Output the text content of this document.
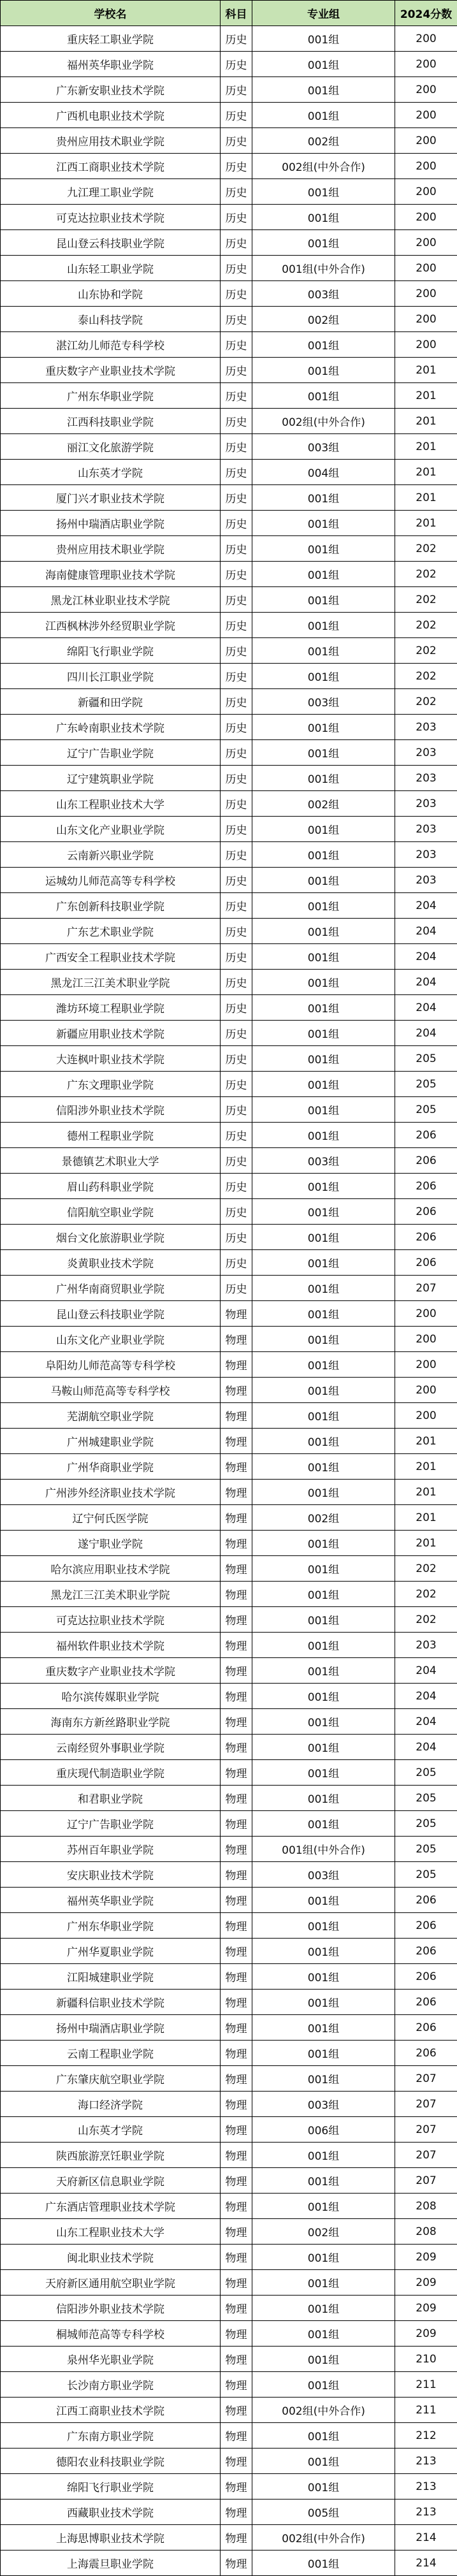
学校名	科目	专业组	2024分数
重庆轻工职业学院	历史	001组	200
福州英华职业学院	历史	001组	200
广东新安职业技术学院	历史	001组	200
广西机电职业技术学院	历史	001组	200
贵州应用技术职业学院	历史	002组	200
江西工商职业技术学院	历史	002组(中外合作)	200
九江理工职业学院	历史	001组	200
可克达拉职业技术学院	历史	001组	200
昆山登云科技职业学院	历史	001组	200
山东轻工职业学院	历史	001组(中外合作)	200
山东协和学院	历史	003组	200
泰山科技学院	历史	002组	200
湛江幼儿师范专科学校	历史	001组	200
重庆数字产业职业技术学院	历史	001组	201
广州东华职业学院	历史	001组	201
江西科技职业学院	历史	002组(中外合作)	201
丽江文化旅游学院	历史	003组	201
山东英才学院	历史	004组	201
厦门兴才职业技术学院	历史	001组	201
扬州中瑞酒店职业学院	历史	001组	201
贵州应用技术职业学院	历史	001组	202
海南健康管理职业技术学院	历史	001组	202
黑龙江林业职业技术学院	历史	001组	202
江西枫林涉外经贸职业学院	历史	001组	202
绵阳飞行职业学院	历史	001组	202
四川长江职业学院	历史	001组	202
新疆和田学院	历史	003组	202
广东岭南职业技术学院	历史	001组	203
辽宁广告职业学院	历史	001组	203
辽宁建筑职业学院	历史	001组	203
山东工程职业技术大学	历史	002组	203
山东文化产业职业学院	历史	001组	203
云南新兴职业学院	历史	001组	203
运城幼儿师范高等专科学校	历史	001组	203
广东创新科技职业学院	历史	001组	204
广东艺术职业学院	历史	001组	204
广西安全工程职业技术学院	历史	001组	204
黑龙江三江美术职业学院	历史	001组	204
潍坊环境工程职业学院	历史	001组	204
新疆应用职业技术学院	历史	001组	204
大连枫叶职业技术学院	历史	001组	205
广东文理职业学院	历史	001组	205
信阳涉外职业技术学院	历史	001组	205
德州工程职业学院	历史	001组	206
景德镇艺术职业大学	历史	003组	206
眉山药科职业学院	历史	001组	206
信阳航空职业学院	历史	001组	206
烟台文化旅游职业学院	历史	001组	206
炎黄职业技术学院	历史	001组	206
广州华南商贸职业学院	历史	001组	207
昆山登云科技职业学院	物理	001组	200
山东文化产业职业学院	物理	001组	200
阜阳幼儿师范高等专科学校	物理	001组	200
马鞍山师范高等专科学校	物理	001组	200
芜湖航空职业学院	物理	001组	200
广州城建职业学院	物理	001组	201
广州华商职业学院	物理	001组	201
广州涉外经济职业技术学院	物理	001组	201
辽宁何氏医学院	物理	002组	201
遂宁职业学院	物理	001组	201
哈尔滨应用职业技术学院	物理	001组	202
黑龙江三江美术职业学院	物理	001组	202
可克达拉职业技术学院	物理	001组	202
福州软件职业技术学院	物理	001组	203
重庆数字产业职业技术学院	物理	001组	204
哈尔滨传媒职业学院	物理	001组	204
海南东方新丝路职业学院	物理	001组	204
云南经贸外事职业学院	物理	001组	204
重庆现代制造职业学院	物理	001组	205
和君职业学院	物理	001组	205
辽宁广告职业学院	物理	001组	205
苏州百年职业学院	物理	001组(中外合作)	205
安庆职业技术学院	物理	003组	205
福州英华职业学院	物理	001组	206
广州东华职业学院	物理	001组	206
广州华夏职业学院	物理	001组	206
江阳城建职业学院	物理	001组	206
新疆科信职业技术学院	物理	001组	206
扬州中瑞酒店职业学院	物理	001组	206
云南工程职业学院	物理	001组	206
广东肇庆航空职业学院	物理	001组	207
海口经济学院	物理	003组	207
山东英才学院	物理	006组	207
陕西旅游烹饪职业学院	物理	001组	207
天府新区信息职业学院	物理	001组	207
广东酒店管理职业技术学院	物理	001组	208
山东工程职业技术大学	物理	002组	208
闽北职业技术学院	物理	001组	209
天府新区通用航空职业学院	物理	001组	209
信阳涉外职业技术学院	物理	001组	209
桐城师范高等专科学校	物理	001组	209
泉州华光职业学院	物理	001组	210
长沙南方职业学院	物理	001组	211
江西工商职业技术学院	物理	002组(中外合作)	211
广东南方职业学院	物理	001组	212
德阳农业科技职业学院	物理	001组	213
绵阳飞行职业学院	物理	001组	213
西藏职业技术学院	物理	005组	213
上海思博职业技术学院	物理	002组(中外合作)	214
上海震旦职业学院	物理	001组	214
